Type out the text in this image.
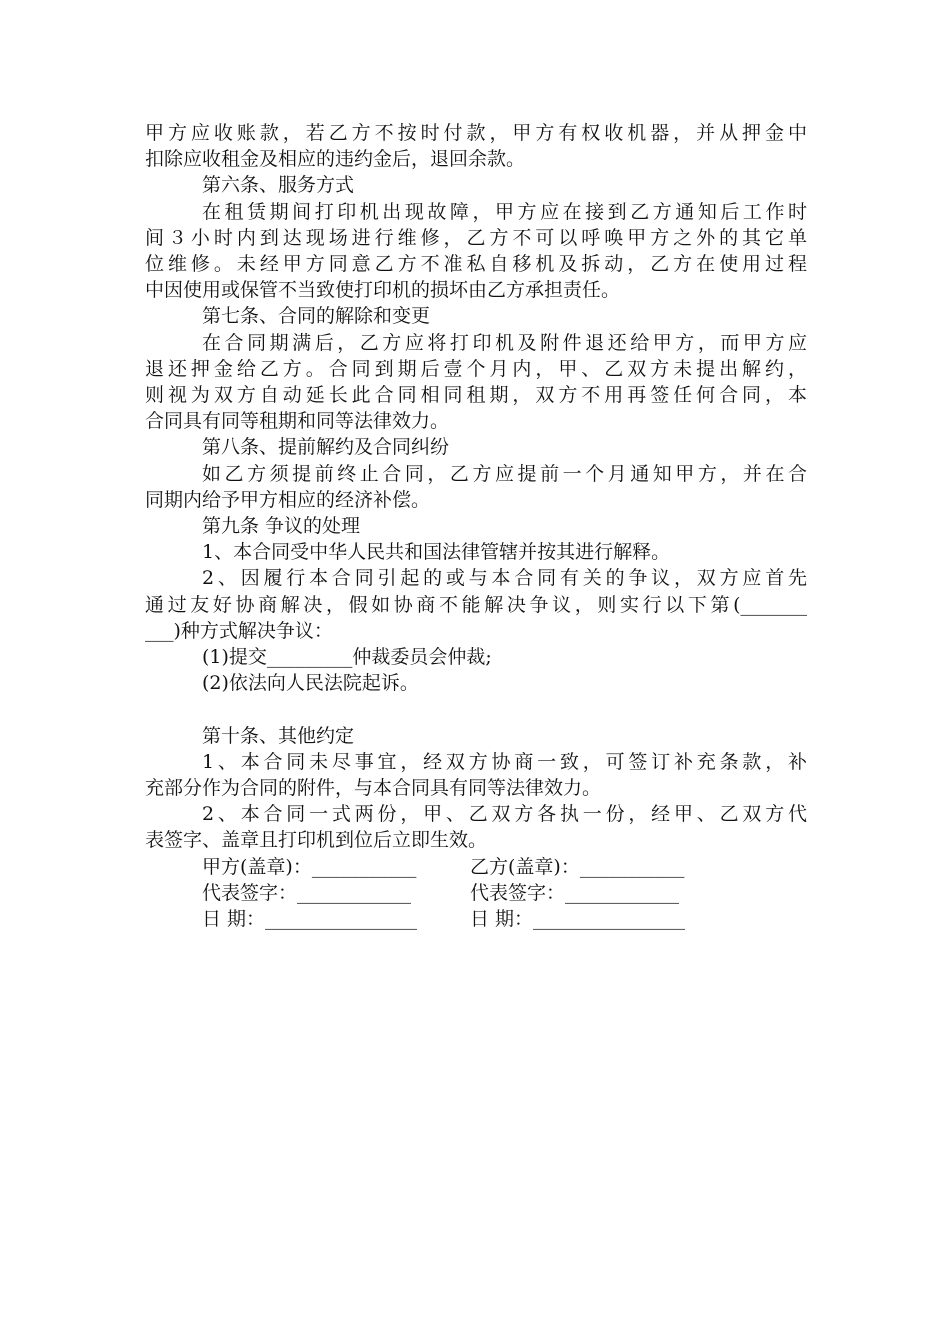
甲方应收账款，若乙方不按时付款，甲方有权收机器，并从押金中

扣除应收租金及相应的违约金后，退回余款。

第六条、服务方式

在租赁期间打印机出现故障，甲方应在接到乙方通知后工作时

间３小时内到达现场进行维修，乙方不可以呼唤甲方之外的其它单

位维修。未经甲方同意乙方不准私自移机及拆动，乙方在使用过程

中因使用或保管不当致使打印机的损坏由乙方承担责任。

第七条、合同的解除和变更

在合同期满后，乙方应将打印机及附件退还给甲方，而甲方应

退还押金给乙方。合同到期后壹个月内，甲、乙双方未提出解约，

则视为双方自动延长此合同相同租期，双方不用再签任何合同，本

合同具有同等租期和同等法律效力。

第八条、提前解约及合同纠纷

如乙方须提前终止合同，乙方应提前一个月通知甲方，并在合

同期内给予甲方相应的经济补偿。

第九条 争议的处理

1、本合同受中华人民共和国法律管辖并按其进行解释。

2、因履行本合同引起的或与本合同有关的争议，双方应首先

通过友好协商解决，假如协商不能解决争议，则实行以下第(_______

___)种方式解决争议：

(1)提交_________仲裁委员会仲裁;

(2)依法向人民法院起诉。

第十条、其他约定

1、本合同未尽事宜，经双方协商一致，可签订补充条款，补

充部分作为合同的附件，与本合同具有同等法律效力。

2、本合同一式两份，甲、乙双方各执一份，经甲、乙双方代

表签字、盖章且打印机到位后立即生效。

甲方(盖章)：___________	乙方(盖章)：___________
代表签字：____________	代表签字：____________
日 期：________________	日 期：________________
